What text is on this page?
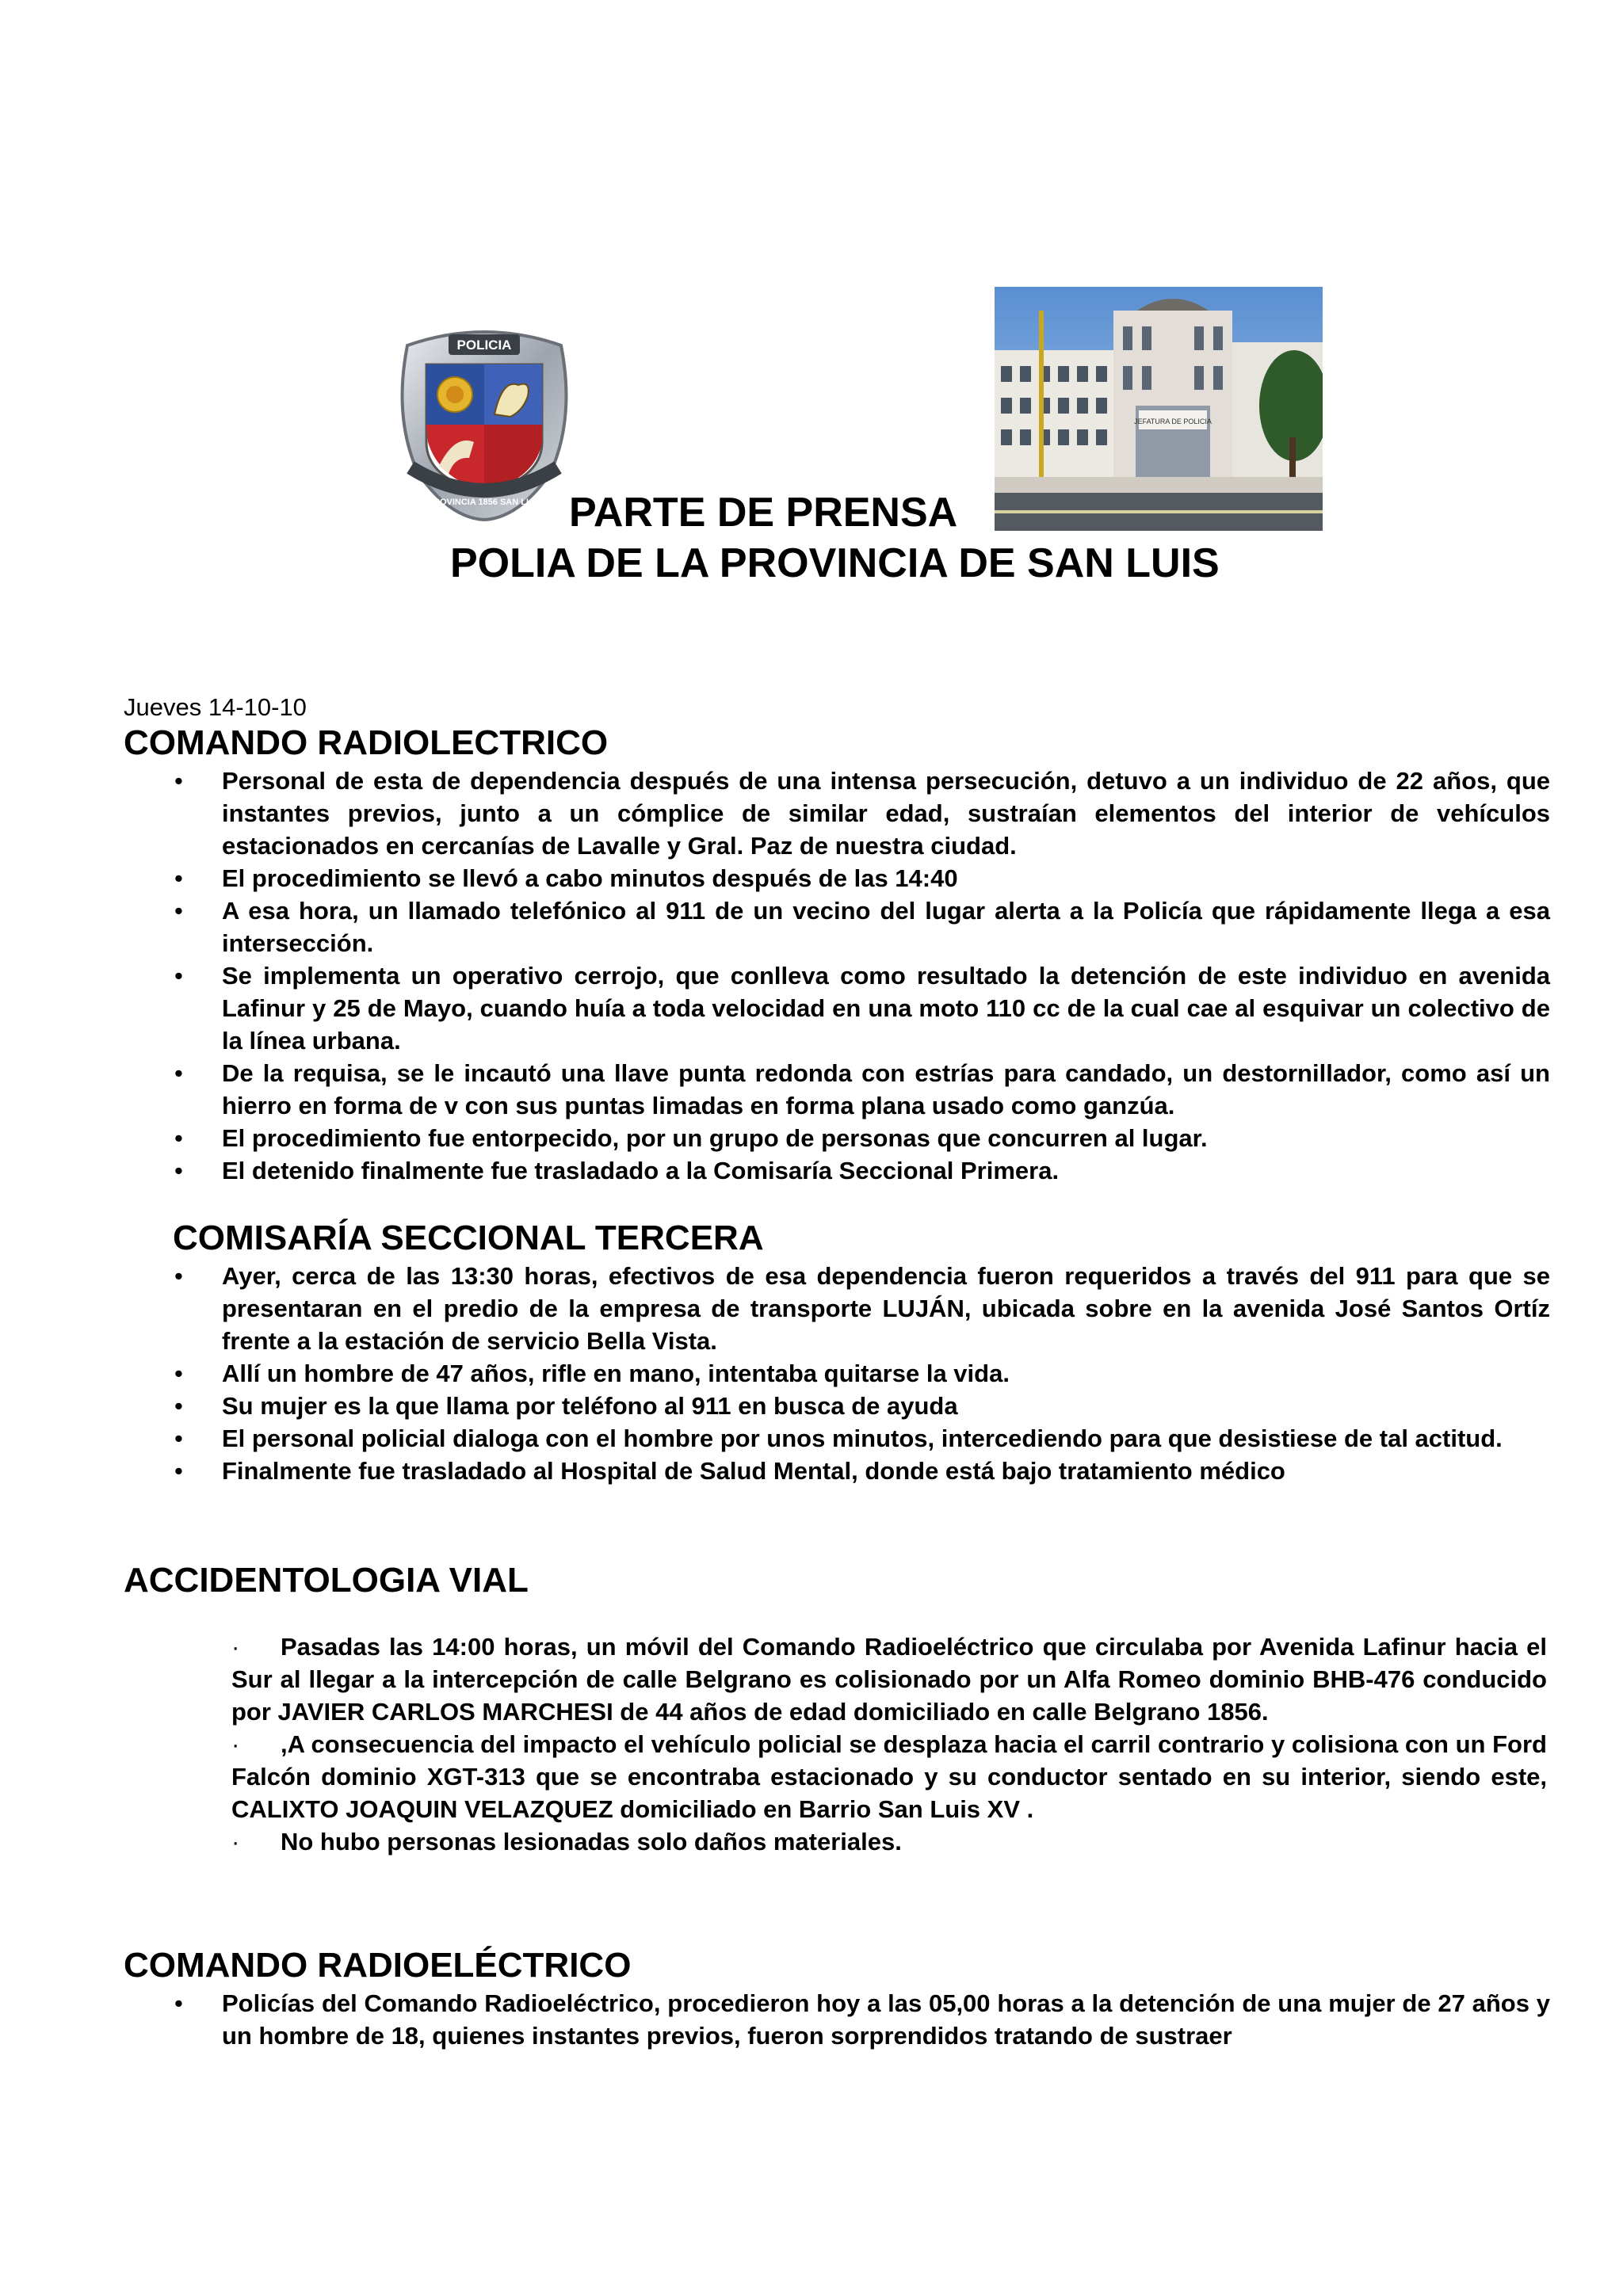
POLICIA
PROVINCIA 1856 SAN LUIS
JEFATURA DE POLICIA
PARTE DE PRENSA
POLIA DE LA PROVINCIA DE SAN LUIS
Jueves 14-10-10
COMANDO RADIOLECTRICO
• Personal de esta de dependencia después de una intensa persecución, detuvo a un individuo de 22 años, que instantes previos, junto a un cómplice de similar edad, sustraían elementos del interior de vehículos estacionados en cercanías de Lavalle y Gral. Paz de nuestra ciudad.
• El procedimiento se llevó a cabo minutos después de las 14:40
• A esa hora, un llamado telefónico al 911 de un vecino del lugar alerta a la Policía que rápidamente llega a esa intersección.
• Se implementa un operativo cerrojo, que conlleva como resultado la detención de este individuo en avenida Lafinur y 25 de Mayo, cuando huía a toda velocidad en una moto 110 cc de la cual cae al esquivar un colectivo de la línea urbana.
• De la requisa, se le incautó una llave punta redonda con estrías para candado, un destornillador, como así un hierro en forma de v con sus puntas limadas en forma plana usado como ganzúa.
• El procedimiento fue entorpecido, por un grupo de personas que concurren al lugar.
• El detenido finalmente fue trasladado a la Comisaría Seccional Primera.
COMISARÍA SECCIONAL TERCERA
• Ayer, cerca de las 13:30 horas, efectivos de esa dependencia fueron requeridos a través del 911 para que se presentaran en el predio de la empresa de transporte LUJÁN, ubicada sobre en la avenida José Santos Ortíz frente a la estación de servicio Bella Vista.
• Allí un hombre de 47 años, rifle en mano, intentaba quitarse la vida.
• Su mujer es la que llama por teléfono al 911 en busca de ayuda
• El personal policial dialoga con el hombre por unos minutos, intercediendo para que desistiese de tal actitud.
• Finalmente fue trasladado al Hospital de Salud Mental, donde está bajo tratamiento médico
ACCIDENTOLOGIA VIAL
· Pasadas las 14:00 horas, un móvil del Comando Radioeléctrico que circulaba por Avenida Lafinur hacia el Sur al llegar a la intercepción de calle Belgrano es colisionado por un Alfa Romeo dominio BHB-476 conducido por JAVIER CARLOS MARCHESI de 44 años de edad domiciliado en calle Belgrano 1856.
· ,A consecuencia del impacto el vehículo policial se desplaza hacia el carril contrario y colisiona con un Ford Falcón dominio XGT-313 que se encontraba estacionado y su conductor sentado en su interior, siendo este, CALIXTO JOAQUIN VELAZQUEZ domiciliado en Barrio San Luis XV .
· No hubo personas lesionadas solo daños materiales.
COMANDO RADIOELÉCTRICO
• Policías del Comando Radioeléctrico, procedieron hoy a las 05,00 horas a la detención de una mujer de 27 años y un hombre de 18, quienes instantes previos, fueron sorprendidos tratando de sustraer
